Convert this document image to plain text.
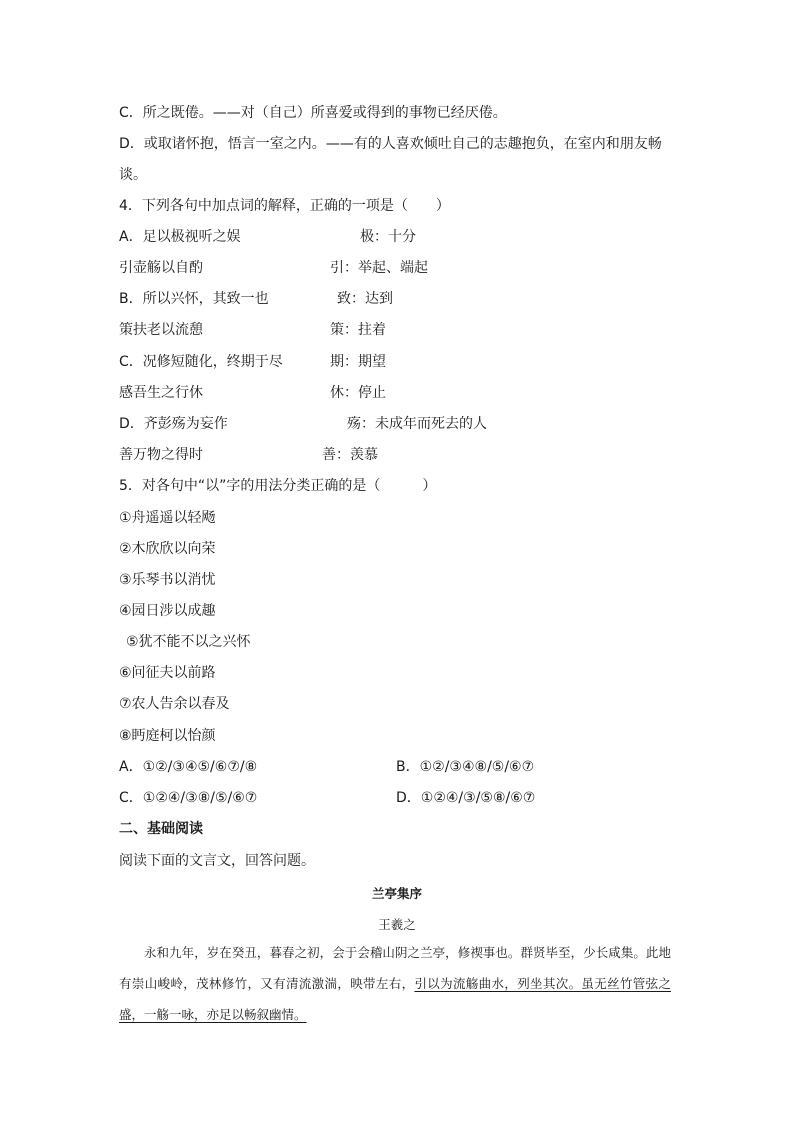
C．所之既倦。——对（自己）所喜爱或得到的事物已经厌倦。
D．或取诸怀抱，悟言一室之内。——有的人喜欢倾吐自己的志趣抱负，在室内和朋友畅
谈。
4．下列各句中加点词的解释，正确的一项是（　　）
A．足以极视听之娱	极：十分
引壶觞以自酌	引：举起、端起
B．所以兴怀，其致一也	致：达到
策扶老以流憩	策：拄着
C．况修短随化，终期于尽	期：期望
感吾生之行休	休：停止
D．齐彭殇为妄作	殇：未成年而死去的人
善万物之得时	善：羡慕
5．对各句中“以”字的用法分类正确的是（　　　）
①舟遥遥以轻飏
②木欣欣以向荣
③乐琴书以消忧
④园日涉以成趣
⑤犹不能不以之兴怀
⑥问征夫以前路
⑦农人告余以春及
⑧眄庭柯以怡颜
A．①②/③④⑤/⑥⑦/⑧	B．①②/③④⑧/⑤/⑥⑦
C．①②④/③⑧/⑤/⑥⑦	D．①②④/③/⑤⑧/⑥⑦
二、基础阅读
阅读下面的文言文，回答问题。
兰亭集序
王羲之
永和九年，岁在癸丑，暮春之初，会于会稽山阴之兰亭，修禊事也。群贤毕至，少长咸集。此地有崇山峻岭，茂林修竹，又有清流激湍，映带左右，引以为流觞曲水，列坐其次。虽无丝竹管弦之盛，一觞一咏，亦足以畅叙幽情。
